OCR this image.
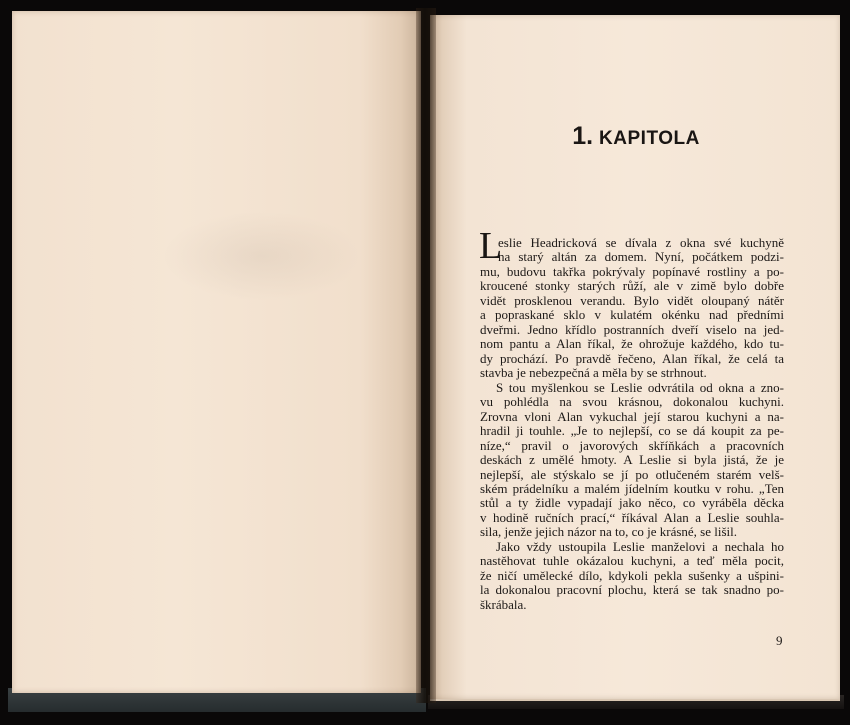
1. KAPITOLA
L
eslie Headricková se dívala z okna své kuchyně
na starý altán za domem. Nyní, počátkem podzi-
mu, budovu takřka pokrývaly popínavé rostliny a po-
kroucené stonky starých růží, ale v zimě bylo dobře
vidět prosklenou verandu. Bylo vidět oloupaný nátěr
a popraskané sklo v kulatém okénku nad předními
dveřmi. Jedno křídlo postranních dveří viselo na jed-
nom pantu a Alan říkal, že ohrožuje každého, kdo tu-
dy prochází. Po pravdě řečeno, Alan říkal, že celá ta
stavba je nebezpečná a měla by se strhnout.
S tou myšlenkou se Leslie odvrátila od okna a zno-
vu pohlédla na svou krásnou, dokonalou kuchyni.
Zrovna vloni Alan vykuchal její starou kuchyni a na-
hradil ji touhle. „Je to nejlepší, co se dá koupit za pe-
níze,“ pravil o javorových skříňkách a pracovních
deskách z umělé hmoty. A Leslie si byla jistá, že je
nejlepší, ale stýskalo se jí po otlučeném starém velš-
ském prádelníku a malém jídelním koutku v rohu. „Ten
stůl a ty židle vypadají jako něco, co vyráběla děcka
v hodině ručních prací,“ říkával Alan a Leslie souhla-
sila, jenže jejich názor na to, co je krásné, se lišil.
Jako vždy ustoupila Leslie manželovi a nechala ho
nastěhovat tuhle okázalou kuchyni, a teď měla pocit,
že ničí umělecké dílo, kdykoli pekla sušenky a ušpini-
la dokonalou pracovní plochu, která se tak snadno po-
škrábala.
9
